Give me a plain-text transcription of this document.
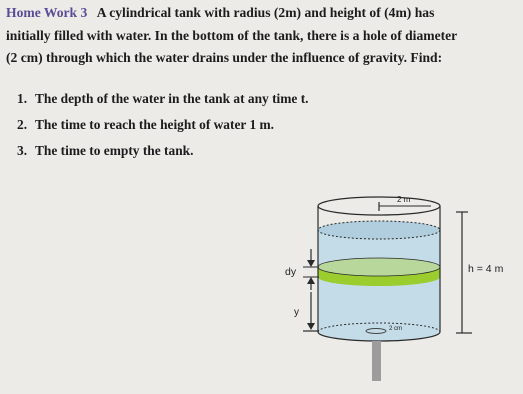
Home Work 3 A cylindrical tank with radius (2m) and height of (4m) has
initially filled with water. In the bottom of the tank, there is a hole of diameter
(2 cm) through which the water drains under the influence of gravity. Find:
1. The depth of the water in the tank at any time t.
2. The time to reach the height of water 1 m.
3. The time to empty the tank.
2 m
h = 4 m
dy
y
2 cm
